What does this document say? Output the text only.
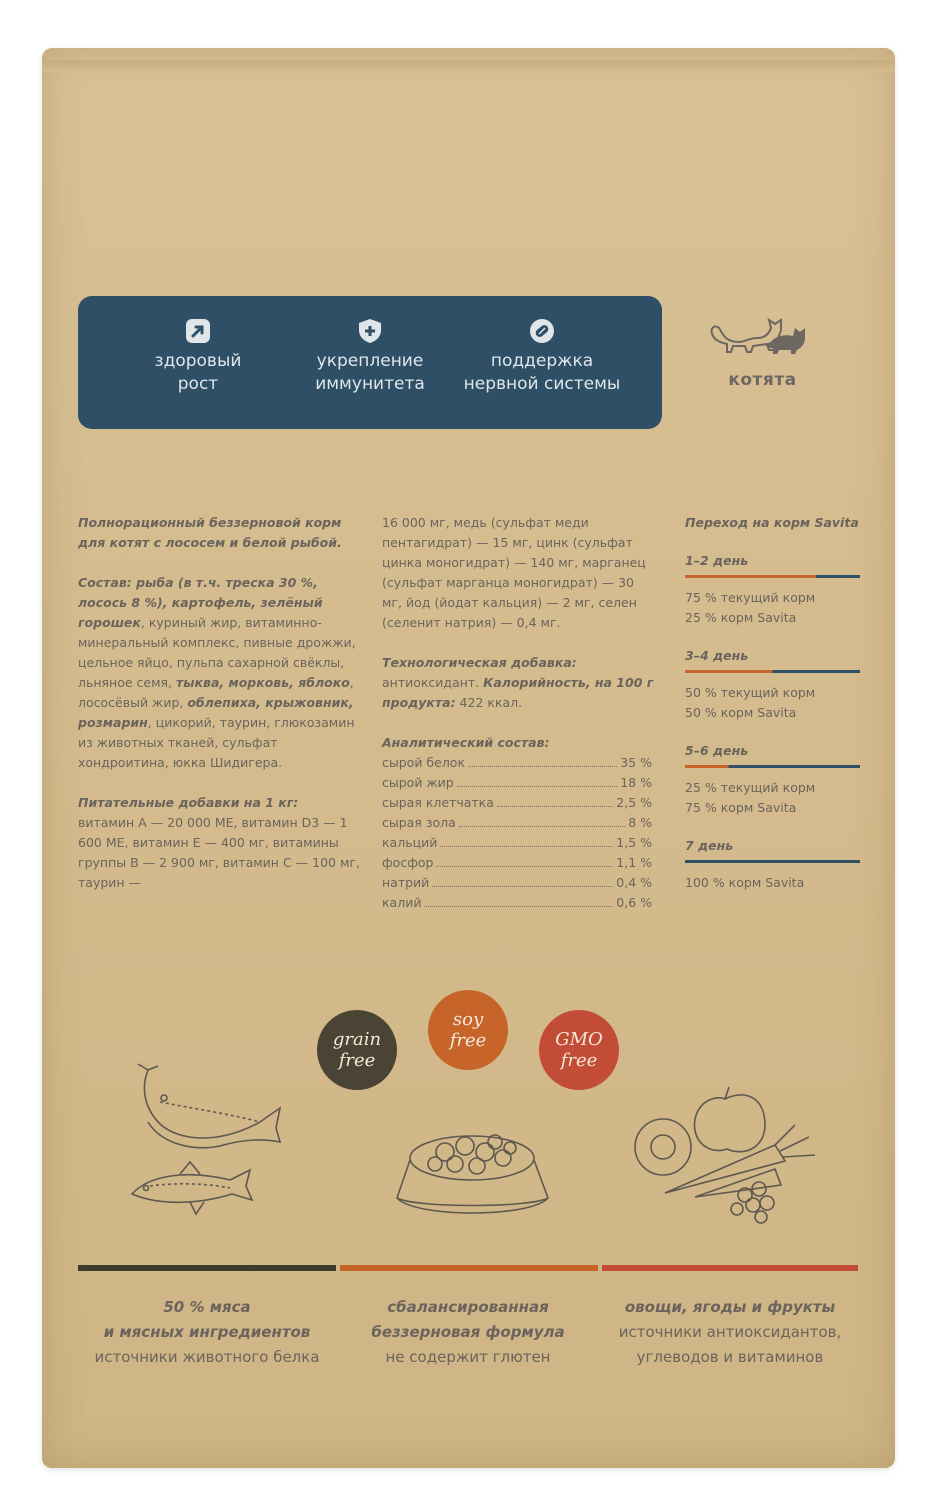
здоровый
рост
укрепление
иммунитета
поддержка
нервной системы	котята

Полнорационный беззерновой корм для котят с лососем и белой рыбой.

Состав: рыба (в т.ч. треска 30 %, лосось 8 %), картофель, зелёный горошек, куриный жир, витаминно-минеральный комплекс, пивные дрожжи, цельное яйцо, пульпа сахарной свёклы, льняное семя, тыква, морковь, яблоко, лососёвый жир, облепиха, крыжовник, розмарин, цикорий, таурин, глюкозамин из животных тканей, сульфат хондроитина, юкка Шидигера.

Питательные добавки на 1 кг:
витамин А — 20 000 МЕ, витамин D3 — 1 600 МЕ, витамин Е — 400 мг, витамины группы В — 2 900 мг, витамин С — 100 мг, таурин —

16 000 мг, медь (сульфат меди пентагидрат) — 15 мг, цинк (сульфат цинка моногидрат) — 140 мг, марганец (сульфат марганца моногидрат) — 30 мг, йод (йодат кальция) — 2 мг, селен (селенит натрия) — 0,4 мг.

Технологическая добавка:
антиоксидант. Калорийность, на 100 г продукта: 422 ккал.

Аналитический состав:
сырой белок	35 %
сырой жир	18 %
сырая клетчатка	2,5 %
сырая зола	8 %
кальций	1,5 %
фосфор	1,1 %
натрий	0,4 %
калий	0,6 %
Переход на корм Savita
1–2 день
75 % текущий корм
25 % корм Savita
3–4 день
50 % текущий корм
50 % корм Savita
5–6 день
25 % текущий корм
75 % корм Savita
7 день
100 % корм Savita
grain
free
soy
free	GMO
free
50 % мяса
и мясных ингредиентов
источники животного белка
сбалансированная
беззерновая формула
не содержит глютен
овощи, ягоды и фрукты
источники антиоксидантов,
углеводов и витаминов
